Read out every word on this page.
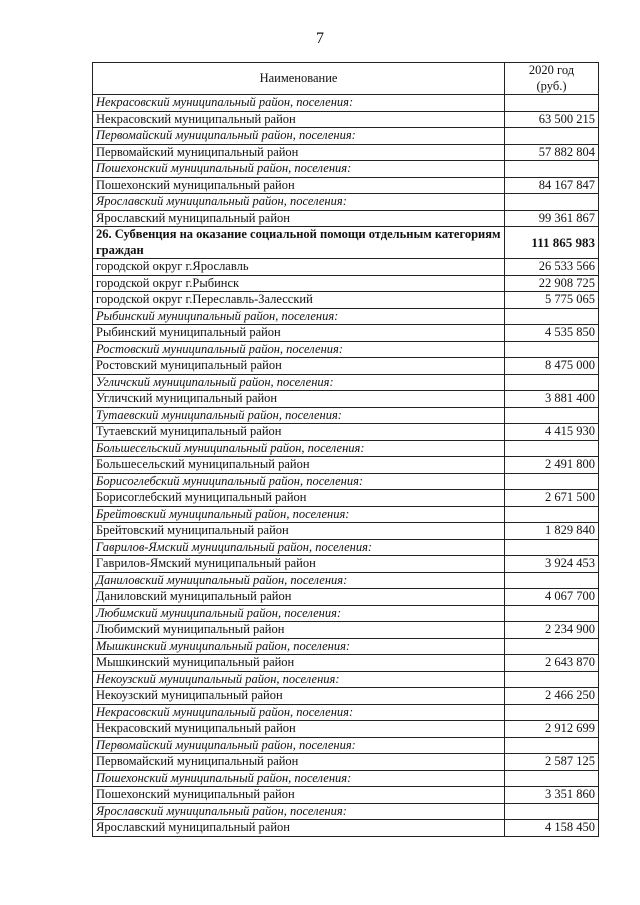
7
Наименование	2020 год
(руб.)
Некрасовский муниципальный район, поселения:	
Некрасовский муниципальный район	63 500 215
Первомайский муниципальный район, поселения:	
Первомайский муниципальный район	57 882 804
Пошехонский муниципальный район, поселения:	
Пошехонский муниципальный район	84 167 847
Ярославский муниципальный район, поселения:	
Ярославский муниципальный район	99 361 867
26. Субвенция на оказание социальной помощи отдельным категориям граждан	111 865 983
городской округ г.Ярославль	26 533 566
городской округ г.Рыбинск	22 908 725
городской округ г.Переславль-Залесский	5 775 065
Рыбинский муниципальный район, поселения:	
Рыбинский муниципальный район	4 535 850
Ростовский муниципальный район, поселения:	
Ростовский муниципальный район	8 475 000
Угличский муниципальный район, поселения:	
Угличский муниципальный район	3 881 400
Тутаевский муниципальный район, поселения:	
Тутаевский муниципальный район	4 415 930
Большесельский муниципальный район, поселения:	
Большесельский муниципальный район	2 491 800
Борисоглебский муниципальный район, поселения:	
Борисоглебский муниципальный район	2 671 500
Брейтовский муниципальный район, поселения:	
Брейтовский муниципальный район	1 829 840
Гаврилов-Ямский муниципальный район, поселения:	
Гаврилов-Ямский муниципальный район	3 924 453
Даниловский муниципальный район, поселения:	
Даниловский муниципальный район	4 067 700
Любимский муниципальный район, поселения:	
Любимский муниципальный район	2 234 900
Мышкинский муниципальный район, поселения:	
Мышкинский муниципальный район	2 643 870
Некоузский муниципальный район, поселения:	
Некоузский муниципальный район	2 466 250
Некрасовский муниципальный район, поселения:	
Некрасовский муниципальный район	2 912 699
Первомайский муниципальный район, поселения:	
Первомайский муниципальный район	2 587 125
Пошехонский муниципальный район, поселения:	
Пошехонский муниципальный район	3 351 860
Ярославский муниципальный район, поселения:	
Ярославский муниципальный район	4 158 450
